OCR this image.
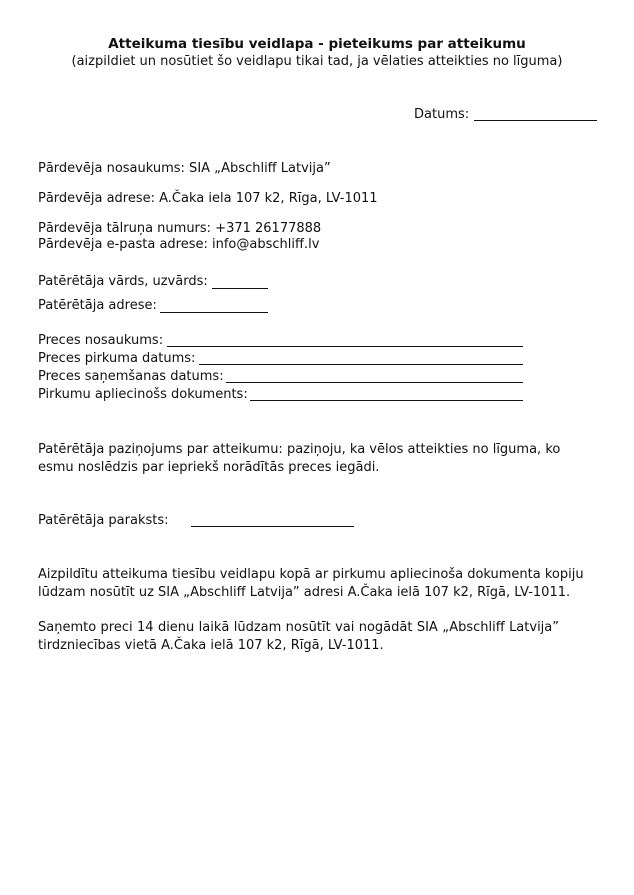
Atteikuma tiesību veidlapa - pieteikums par atteikumu
(aizpildiet un nosūtiet šo veidlapu tikai tad, ja vēlaties atteikties no līguma)
Datums:
Pārdevēja nosaukums: SIA „Abschliff Latvija”
Pārdevēja adrese: A.Čaka iela 107 k2, Rīga, LV-1011
Pārdevēja tālruņa numurs: +371 26177888
Pārdevēja e-pasta adrese: info@abschliff.lv
Patērētāja vārds, uzvārds:
Patērētāja adrese:
Preces nosaukums:
Preces pirkuma datums:
Preces saņemšanas datums:
Pirkumu apliecinošs dokuments:
Patērētāja paziņojums par atteikumu: paziņoju, ka vēlos atteikties no līguma, ko esmu noslēdzis par iepriekš norādītās preces iegādi.
Patērētāja paraksts:
Aizpildītu atteikuma tiesību veidlapu kopā ar pirkumu apliecinoša dokumenta kopiju lūdzam nosūtīt uz SIA „Abschliff Latvija” adresi A.Čaka ielā 107 k2, Rīgā, LV-1011.
Saņemto preci 14 dienu laikā lūdzam nosūtīt vai nogādāt SIA „Abschliff Latvija” tirdzniecības vietā A.Čaka ielā 107 k2, Rīgā, LV-1011.
